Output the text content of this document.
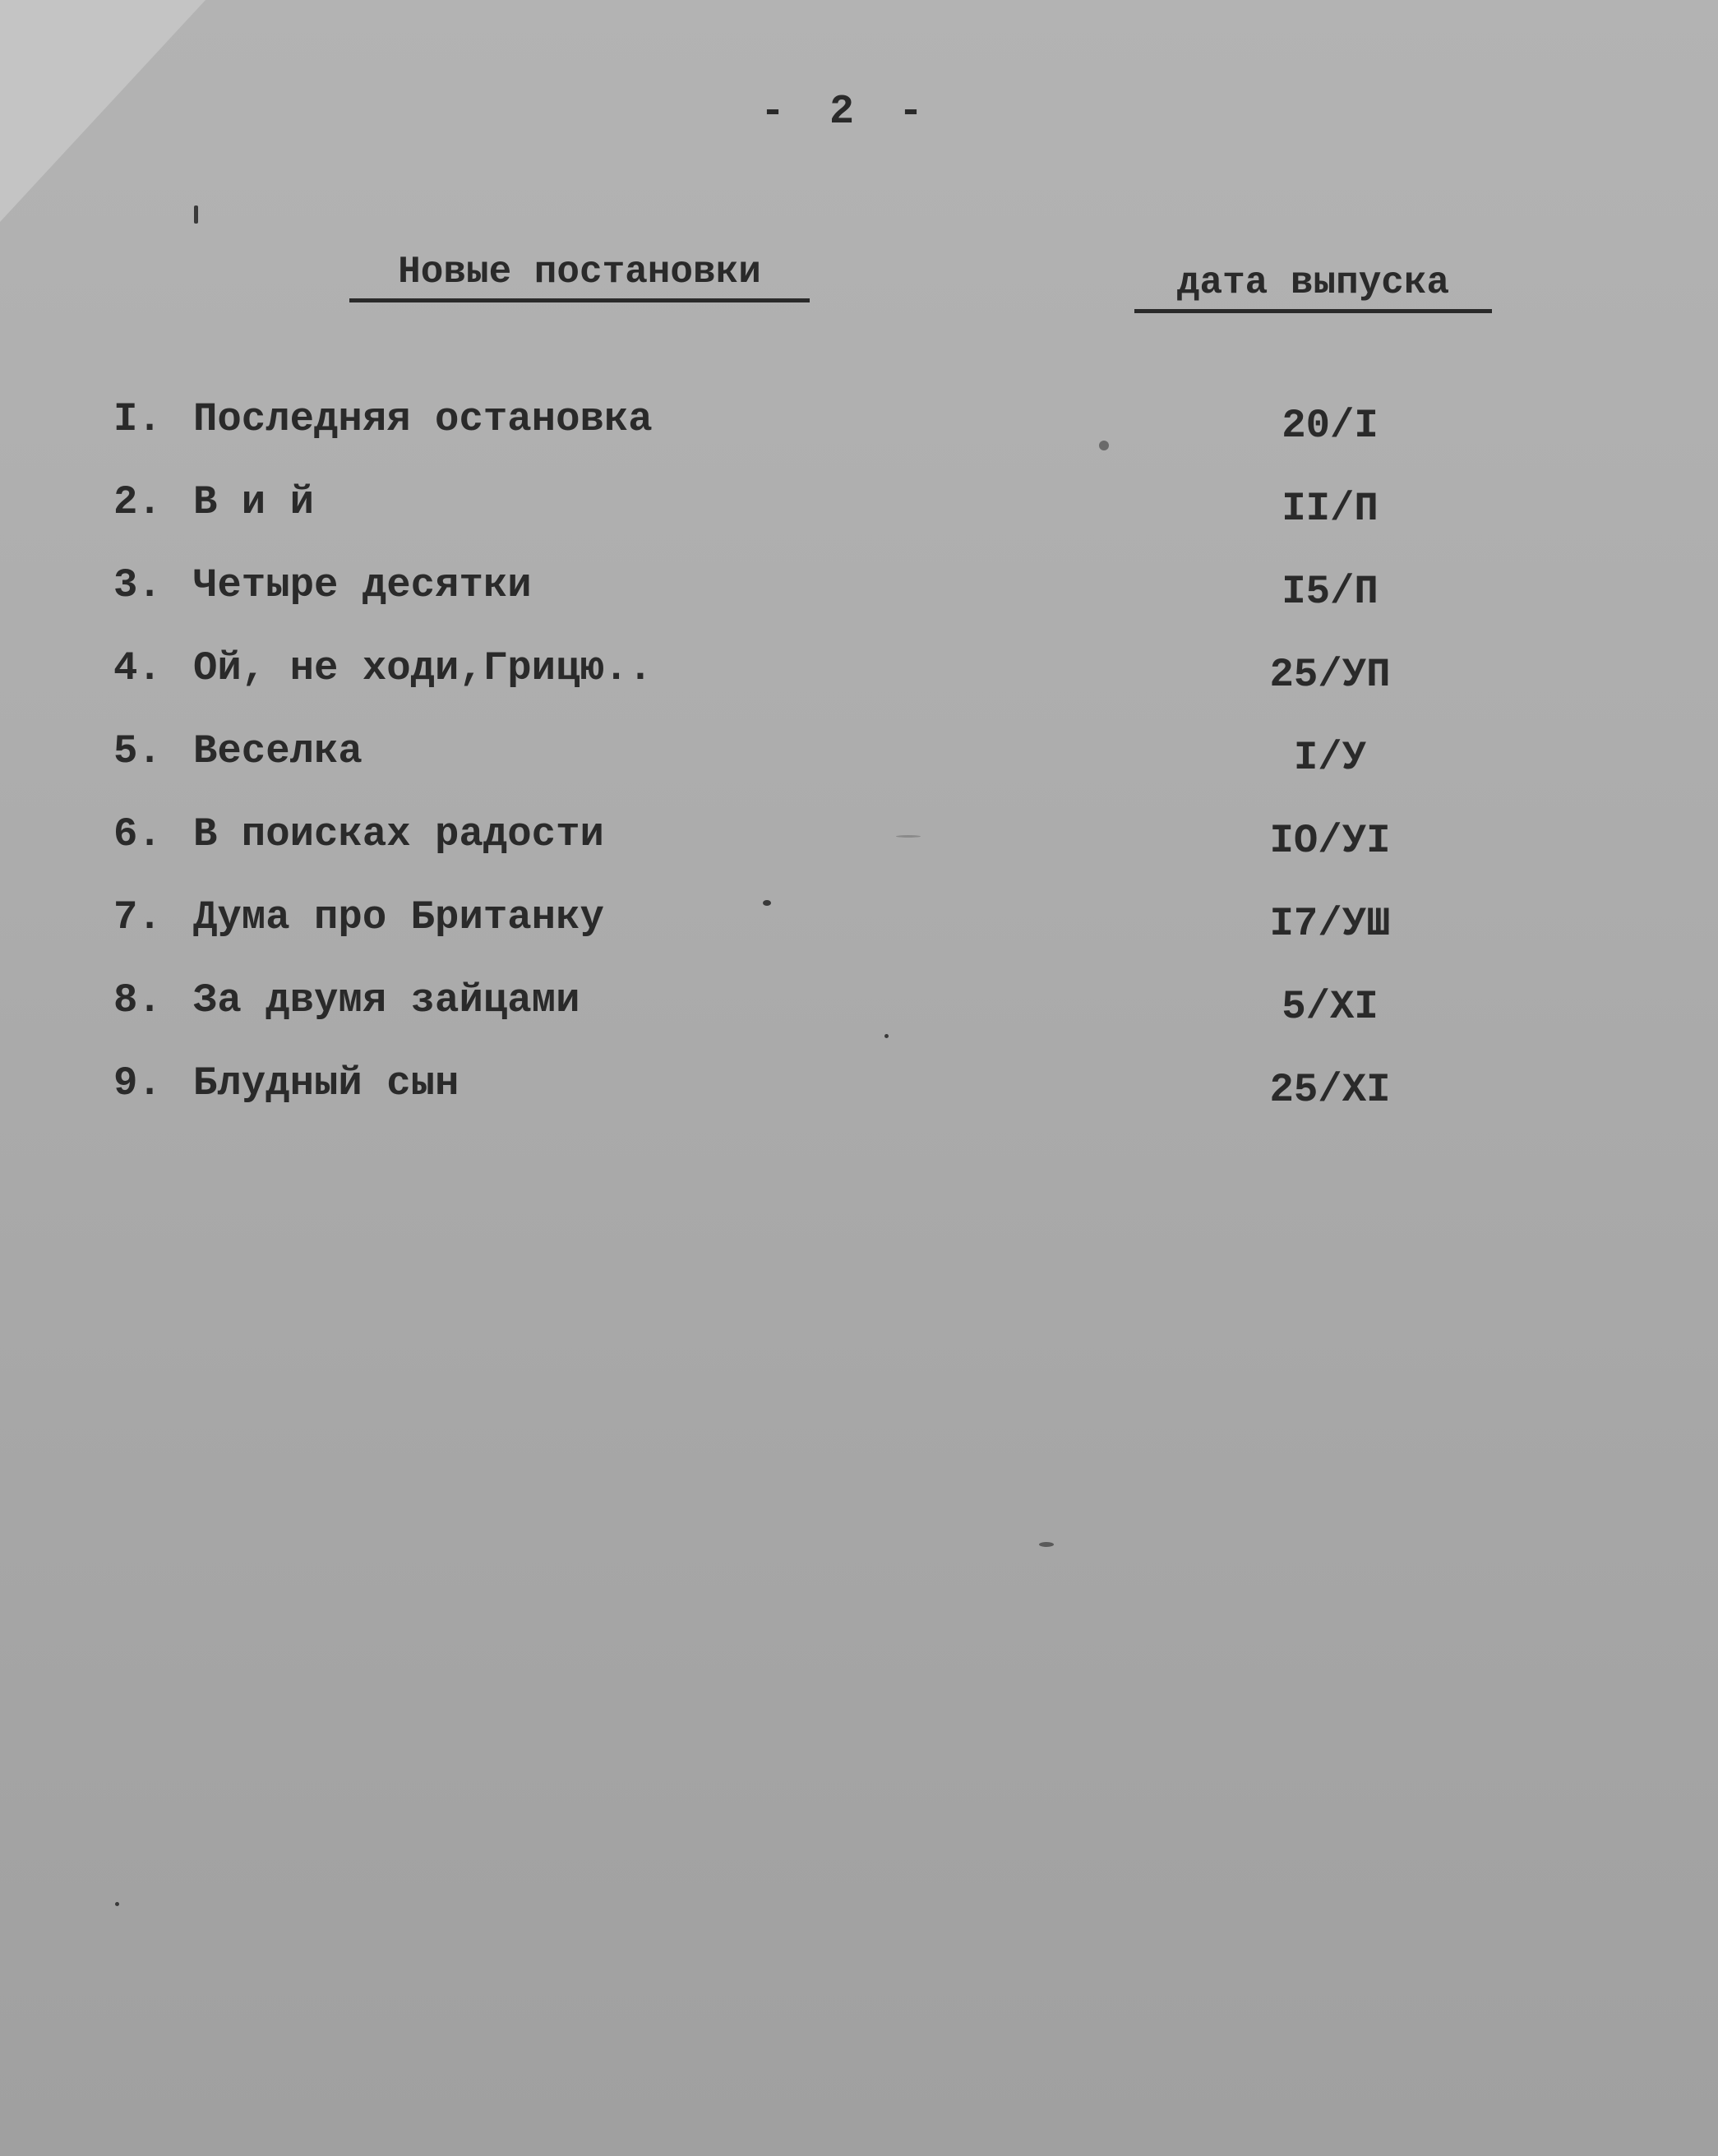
- 2 -
Новые постановки	дата выпуска
I. Последняя остановка	20/I
2. В и й	II/П
3. Четыре десятки	I5/П
4. Ой, не ходи,Грицю..	25/УП
5. Веселка	I/У
6. В поисках радости	IO/УI
7. Дума про Британку	I7/УШ
8. За двумя зайцами	5/XI
9. Блудный сын	25/XI
